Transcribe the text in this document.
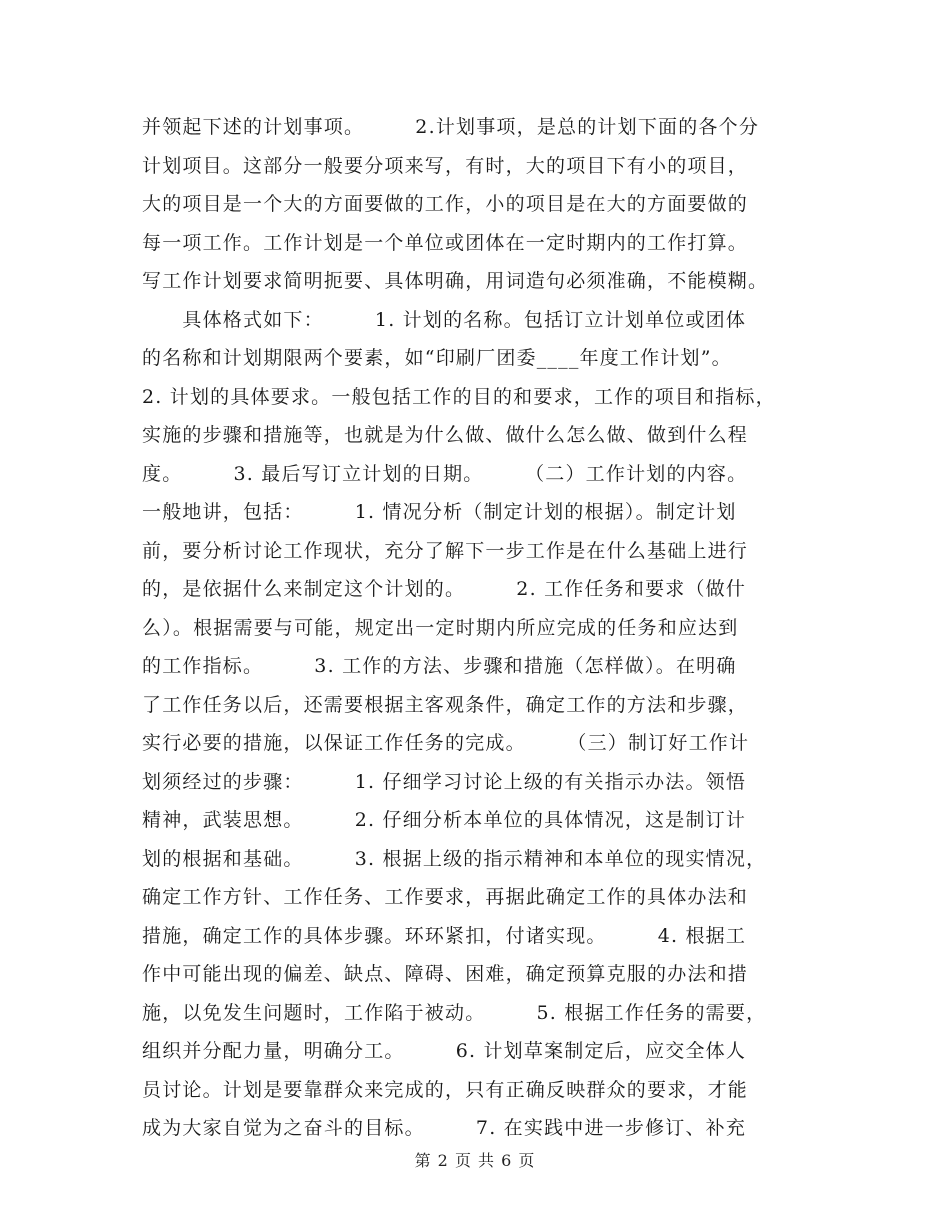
并领起下述的计划事项。　　　2.计划事项，是总的计划下面的各个分
计划项目。这部分一般要分项来写，有时，大的项目下有小的项目，
大的项目是一个大的方面要做的工作，小的项目是在大的方面要做的
每一项工作。工作计划是一个单位或团体在一定时期内的工作打算。
写工作计划要求简明扼要、具体明确，用词造句必须准确，不能模糊。
　　具体格式如下：　　　1. 计划的名称。包括订立计划单位或团体
的名称和计划期限两个要素，如“印刷厂团委____年度工作计划”。
2. 计划的具体要求。一般包括工作的目的和要求，工作的项目和指标，
实施的步骤和措施等，也就是为什么做、做什么怎么做、做到什么程
度。　　　3. 最后写订立计划的日期。　　　（二）工作计划的内容。
一般地讲，包括：　　　1. 情况分析（制定计划的根据）。制定计划
前，要分析讨论工作现状，充分了解下一步工作是在什么基础上进行
的，是依据什么来制定这个计划的。　　　2. 工作任务和要求（做什
么）。根据需要与可能，规定出一定时期内所应完成的任务和应达到
的工作指标。　　　3. 工作的方法、步骤和措施（怎样做）。在明确
了工作任务以后，还需要根据主客观条件，确定工作的方法和步骤，
实行必要的措施，以保证工作任务的完成。　　　（三）制订好工作计
划须经过的步骤：　　　1. 仔细学习讨论上级的有关指示办法。领悟
精神，武装思想。　　　2. 仔细分析本单位的具体情况，这是制订计
划的根据和基础。　　　3. 根据上级的指示精神和本单位的现实情况，
确定工作方针、工作任务、工作要求，再据此确定工作的具体办法和
措施，确定工作的具体步骤。环环紧扣，付诸实现。　　　4. 根据工
作中可能出现的偏差、缺点、障碍、困难，确定预算克服的办法和措
施，以免发生问题时，工作陷于被动。　　　5. 根据工作任务的需要，
组织并分配力量，明确分工。　　　6. 计划草案制定后，应交全体人
员讨论。计划是要靠群众来完成的，只有正确反映群众的要求，才能
成为大家自觉为之奋斗的目标。　　　7. 在实践中进一步修订、补充
第 2 页 共 6 页
